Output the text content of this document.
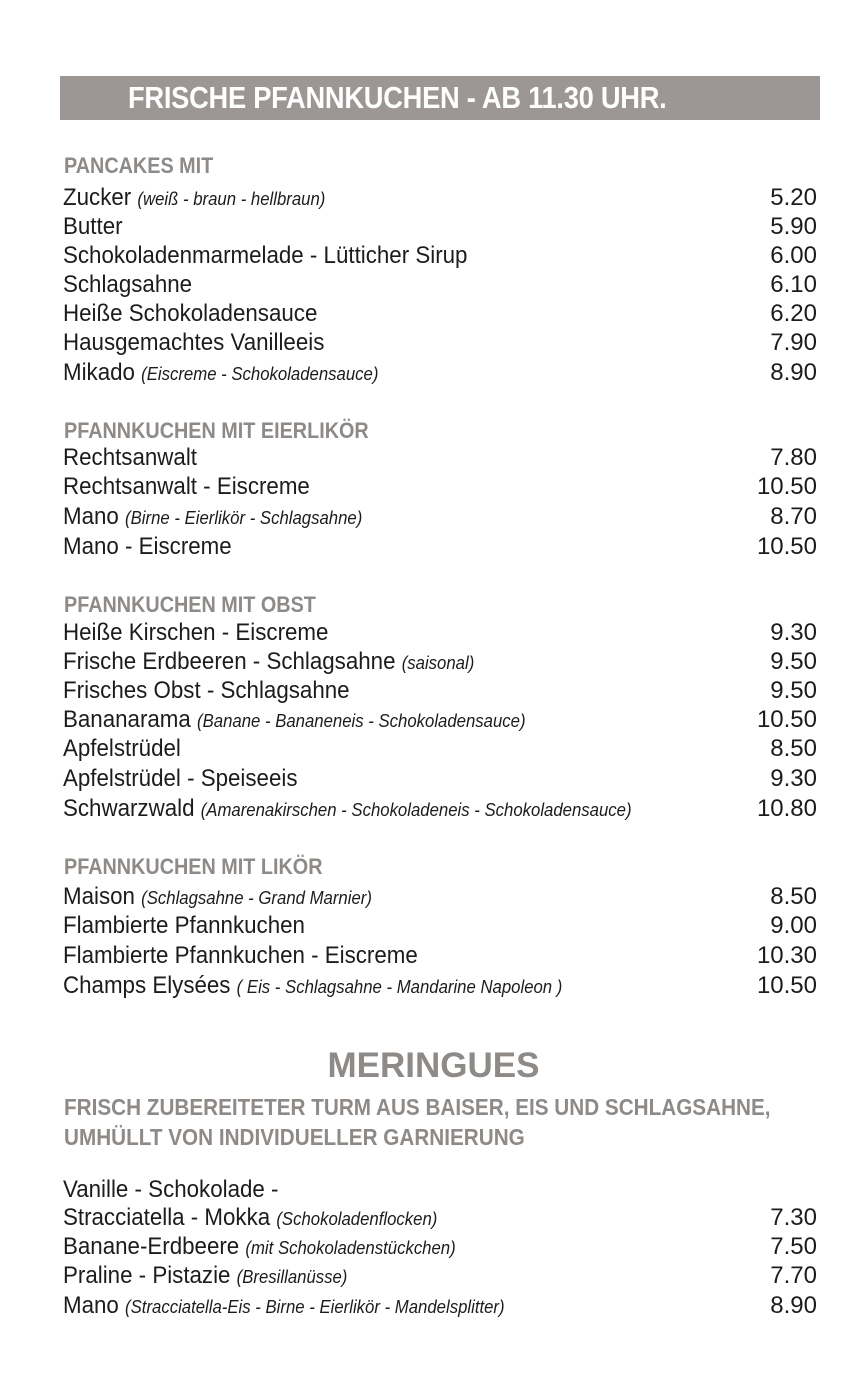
FRISCHE PFANNKUCHEN - AB 11.30 UHR.
PANCAKES MIT
Zucker (weiß - braun - hellbraun)	5.20
Butter	5.90
Schokoladenmarmelade - Lütticher Sirup	6.00
Schlagsahne	6.10
Heiße Schokoladensauce	6.20
Hausgemachtes Vanilleeis	7.90
Mikado (Eiscreme - Schokoladensauce)	8.90
PFANNKUCHEN MIT EIERLIKÖR
Rechtsanwalt	7.80
Rechtsanwalt - Eiscreme	10.50
Mano (Birne - Eierlikör - Schlagsahne)	8.70
Mano - Eiscreme	10.50
PFANNKUCHEN MIT OBST
Heiße Kirschen - Eiscreme	9.30
Frische Erdbeeren - Schlagsahne (saisonal)	9.50
Frisches Obst - Schlagsahne	9.50
Bananarama (Banane - Bananeneis - Schokoladensauce)	10.50
Apfelstrüdel	8.50
Apfelstrüdel - Speiseeis	9.30
Schwarzwald (Amarenakirschen - Schokoladeneis - Schokoladensauce)	10.80
PFANNKUCHEN MIT LIKÖR
Maison (Schlagsahne - Grand Marnier)	8.50
Flambierte Pfannkuchen	9.00
Flambierte Pfannkuchen - Eiscreme	10.30
Champs Elysées ( Eis - Schlagsahne - Mandarine Napoleon )	10.50
MERINGUES
FRISCH ZUBEREITETER TURM AUS BAISER, EIS UND SCHLAGSAHNE,
UMHÜLLT VON INDIVIDUELLER GARNIERUNG
Vanille - Schokolade -
Stracciatella - Mokka (Schokoladenflocken)	7.30
Banane-Erdbeere (mit Schokoladenstückchen)	7.50
Praline - Pistazie (Bresillanüsse)	7.70
Mano (Stracciatella-Eis - Birne - Eierlikör - Mandelsplitter)	8.90
